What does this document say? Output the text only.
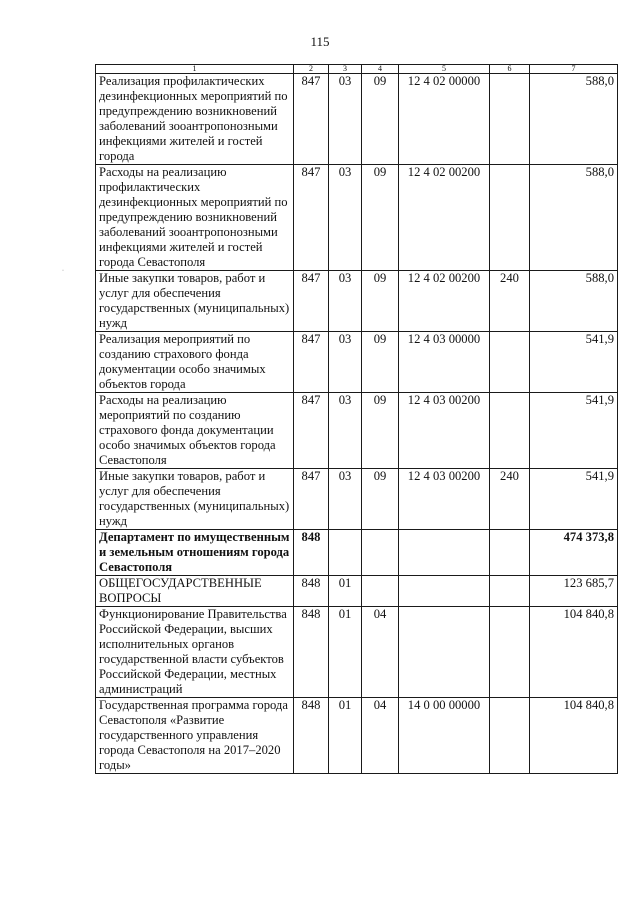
115
1	2	3	4	5	6	7
Реализация профилактических дезинфекционных мероприятий по предупреждению возникновений заболеваний зооантропонозными инфекциями жителей и гостей города	847	03	09	12 4 02 00000		588,0
Расходы на реализацию профилактических дезинфекционных мероприятий по предупреждению возникновений заболеваний зооантропонозными инфекциями жителей и гостей города Севастополя	847	03	09	12 4 02 00200		588,0
Иные закупки товаров, работ и услуг для обеспечения государственных (муниципальных) нужд	847	03	09	12 4 02 00200	240	588,0
Реализация мероприятий по созданию страхового фонда документации особо значимых объектов города	847	03	09	12 4 03 00000		541,9
Расходы на реализацию мероприятий по созданию страхового фонда документации особо значимых объектов города Севастополя	847	03	09	12 4 03 00200		541,9
Иные закупки товаров, работ и услуг для обеспечения государственных (муниципальных) нужд	847	03	09	12 4 03 00200	240	541,9
Департамент по имущественным и земельным отношениям города Севастополя	848					474 373,8
ОБЩЕГОСУДАРСТВЕННЫЕ ВОПРОСЫ	848	01				123 685,7
Функционирование Правительства Российской Федерации, высших исполнительных органов государственной власти субъектов Российской Федерации, местных администраций	848	01	04			104 840,8
Государственная программа города Севастополя «Развитие государственного управления города Севастополя на 2017–2020 годы»	848	01	04	14 0 00 00000		104 840,8
·
